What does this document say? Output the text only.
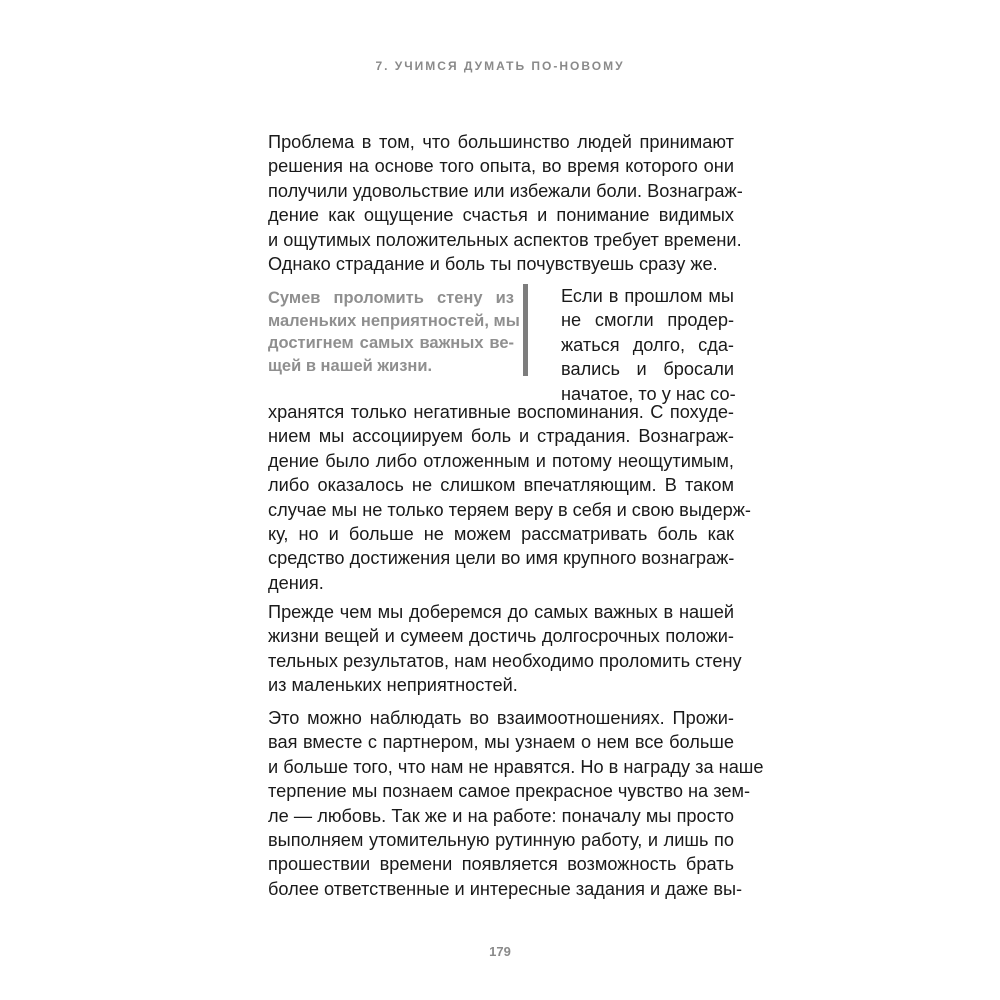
7. УЧИМСЯ ДУМАТЬ ПО-НОВОМУ
Проблема в том, что большинство людей принимают
решения на основе того опыта, во время которого они
получили удовольствие или избежали боли. Вознаграж-
дение как ощущение счастья и понимание видимых
и ощутимых положительных аспектов требует времени.
Однако страдание и боль ты почувствуешь сразу же.
Сумев проломить стену из
маленьких неприятностей, мы
достигнем самых важных ве-
щей в нашей жизни.
Если в прошлом мы
не смогли продер-
жаться долго, сда-
вались и бросали
начатое, то у нас со-
хранятся только негативные воспоминания. С похуде-
нием мы ассоциируем боль и страдания. Вознаграж-
дение было либо отложенным и потому неощутимым,
либо оказалось не слишком впечатляющим. В таком
случае мы не только теряем веру в себя и свою выдерж-
ку, но и больше не можем рассматривать боль как
средство достижения цели во имя крупного вознаграж-
дения.
Прежде чем мы доберемся до самых важных в нашей
жизни вещей и сумеем достичь долгосрочных положи-
тельных результатов, нам необходимо проломить стену
из маленьких неприятностей.
Это можно наблюдать во взаимоотношениях. Прожи-
вая вместе с партнером, мы узнаем о нем все больше
и больше того, что нам не нравятся. Но в награду за наше
терпение мы познаем самое прекрасное чувство на зем-
ле — любовь. Так же и на работе: поначалу мы просто
выполняем утомительную рутинную работу, и лишь по
прошествии времени появляется возможность брать
более ответственные и интересные задания и даже вы-
179
